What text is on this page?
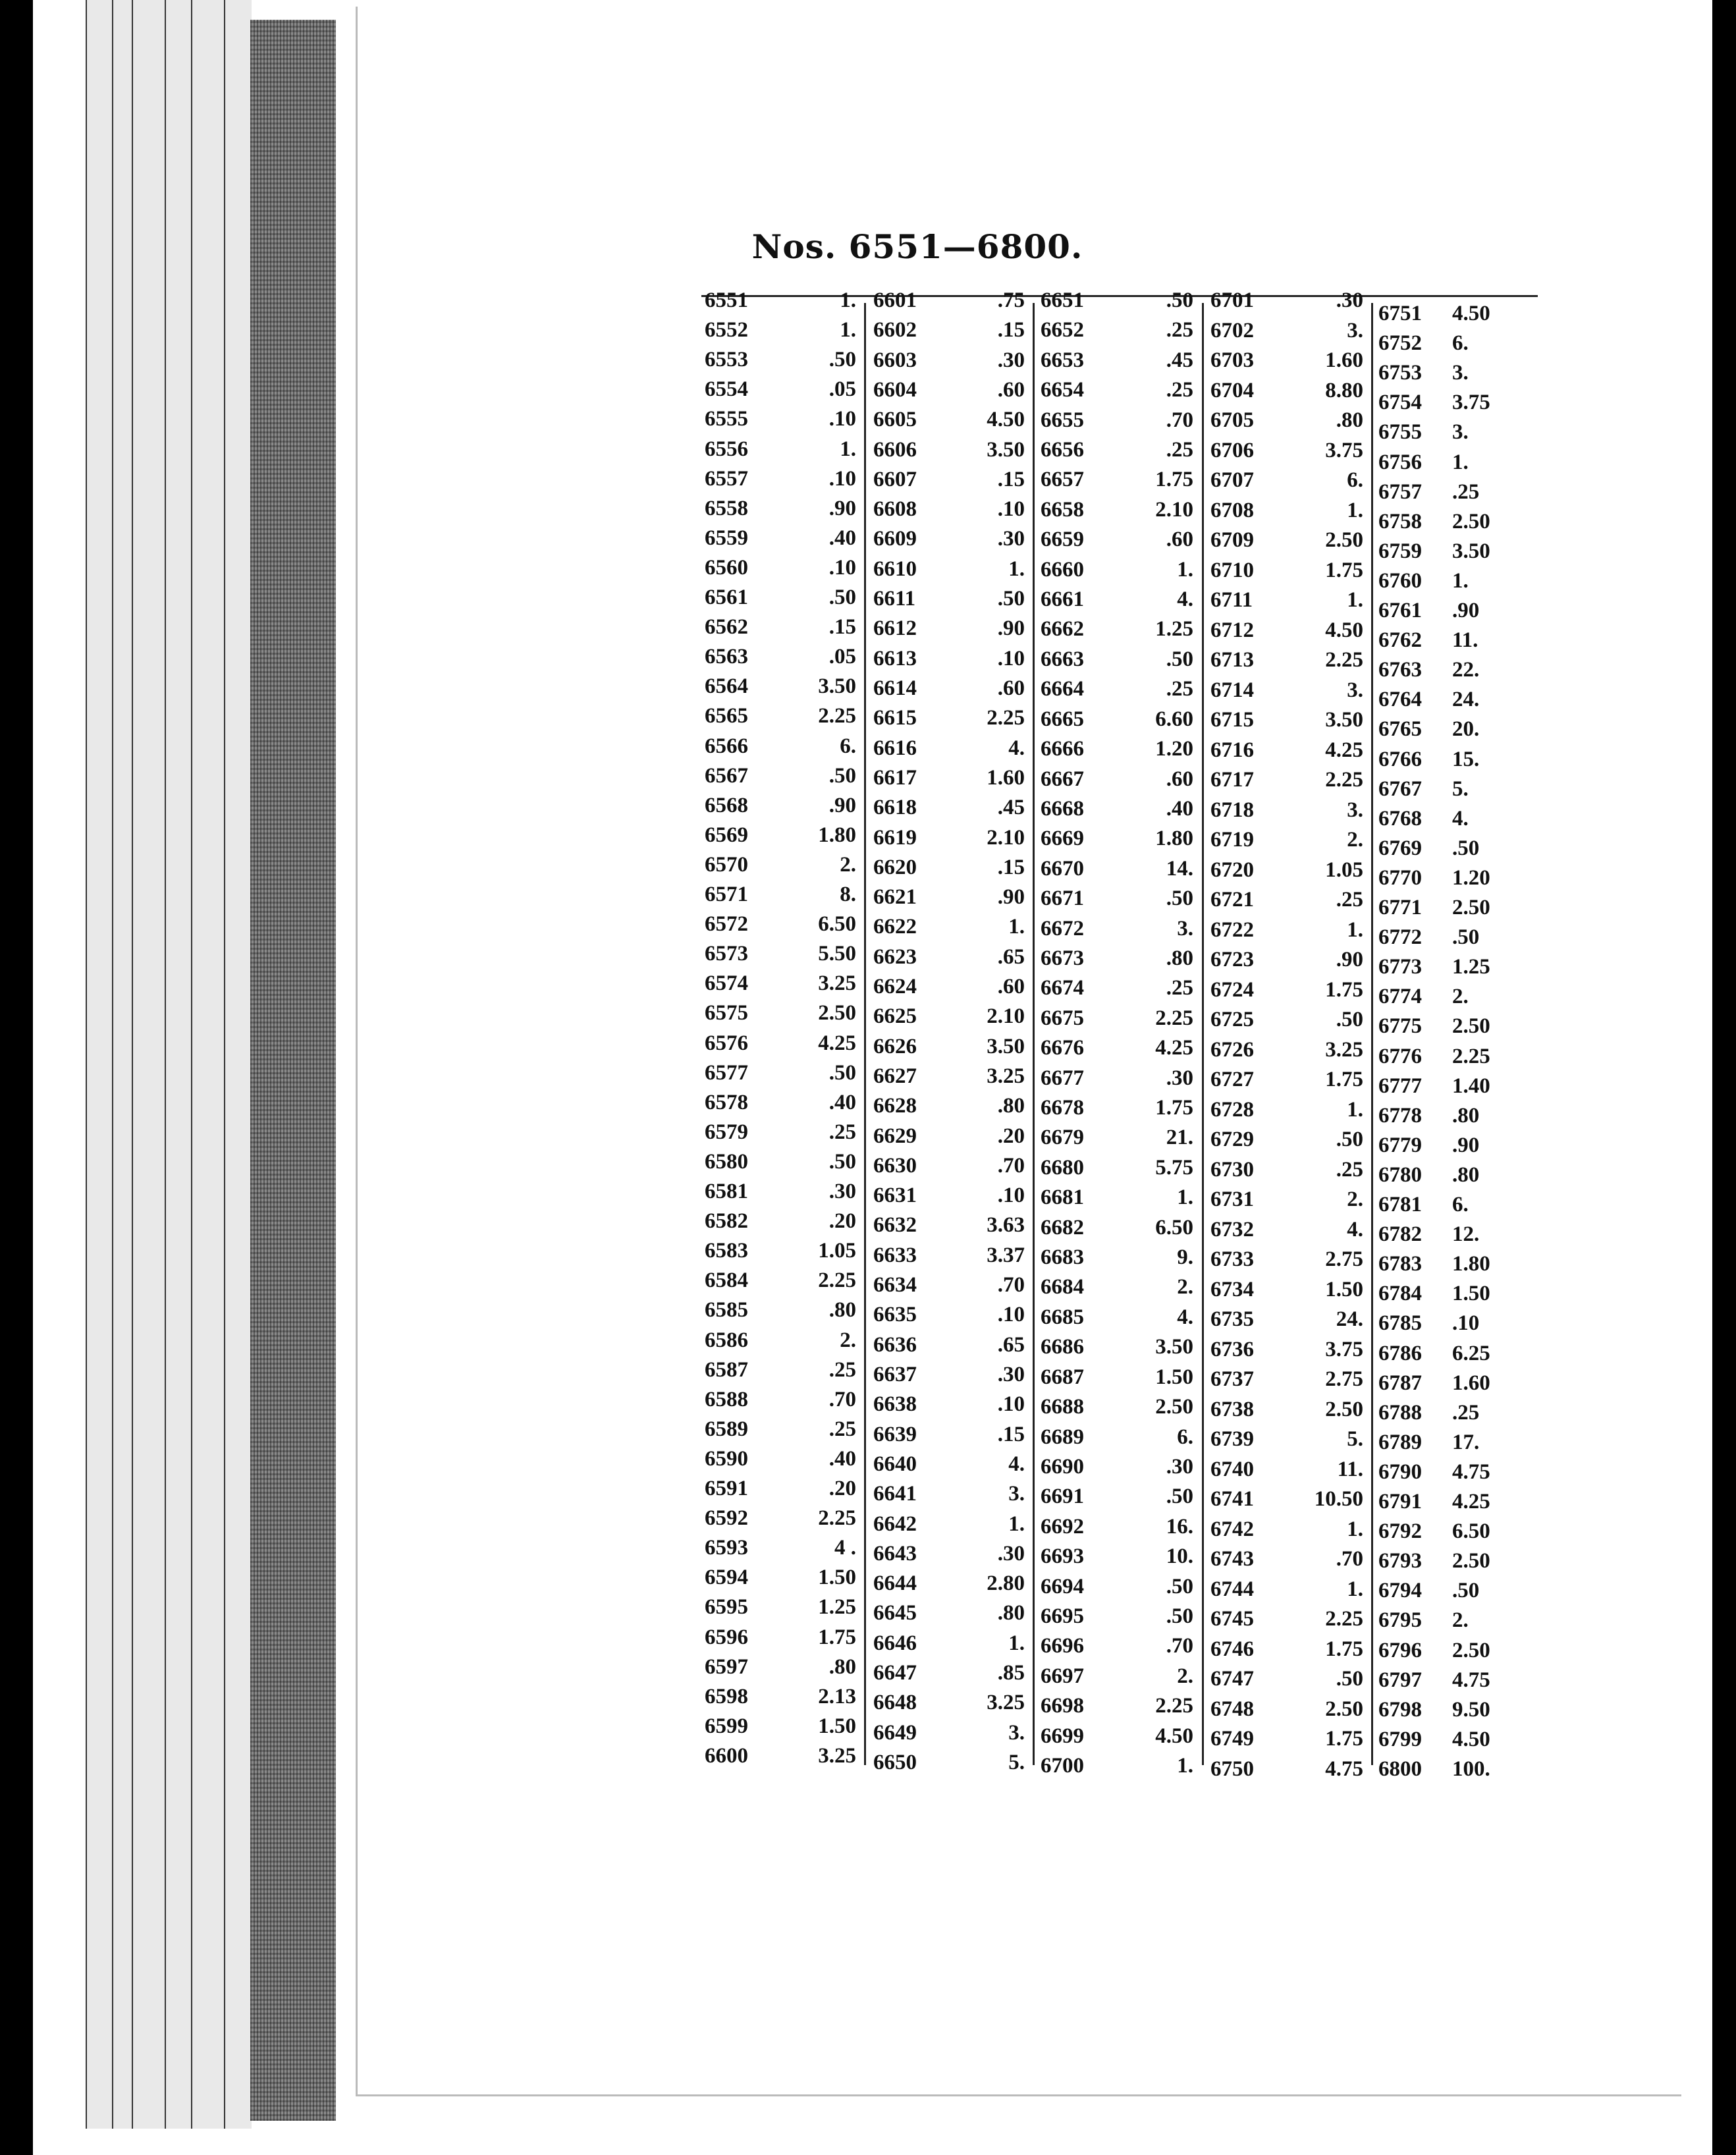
Nos. 6551—6800.
6551	1.
6552	1.
6553	.50
6554	.05
6555	.10
6556	1.
6557	.10
6558	.90
6559	.40
6560	.10
6561	.50
6562	.15
6563	.05
6564	3.50
6565	2.25
6566	6.
6567	.50
6568	.90
6569	1.80
6570	2.
6571	8.
6572	6.50
6573	5.50
6574	3.25
6575	2.50
6576	4.25
6577	.50
6578	.40
6579	.25
6580	.50
6581	.30
6582	.20
6583	1.05
6584	2.25
6585	.80
6586	2.
6587	.25
6588	.70
6589	.25
6590	.40
6591	.20
6592	2.25
6593	4 .
6594	1.50
6595	1.25
6596	1.75
6597	.80
6598	2.13
6599	1.50
6600	3.25
6601	.75
6602	.15
6603	.30
6604	.60
6605	4.50
6606	3.50
6607	.15
6608	.10
6609	.30
6610	1.
6611	.50
6612	.90
6613	.10
6614	.60
6615	2.25
6616	4.
6617	1.60
6618	.45
6619	2.10
6620	.15
6621	.90
6622	1.
6623	.65
6624	.60
6625	2.10
6626	3.50
6627	3.25
6628	.80
6629	.20
6630	.70
6631	.10
6632	3.63
6633	3.37
6634	.70
6635	.10
6636	.65
6637	.30
6638	.10
6639	.15
6640	4.
6641	3.
6642	1.
6643	.30
6644	2.80
6645	.80
6646	1.
6647	.85
6648	3.25
6649	3.
6650	5.
6651	.50
6652	.25
6653	.45
6654	.25
6655	.70
6656	.25
6657	1.75
6658	2.10
6659	.60
6660	1.
6661	4.
6662	1.25
6663	.50
6664	.25
6665	6.60
6666	1.20
6667	.60
6668	.40
6669	1.80
6670	14.
6671	.50
6672	3.
6673	.80
6674	.25
6675	2.25
6676	4.25
6677	.30
6678	1.75
6679	21.
6680	5.75
6681	1.
6682	6.50
6683	9.
6684	2.
6685	4.
6686	3.50
6687	1.50
6688	2.50
6689	6.
6690	.30
6691	.50
6692	16.
6693	10.
6694	.50
6695	.50
6696	.70
6697	2.
6698	2.25
6699	4.50
6700	1.
6701	.30
6702	3.
6703	1.60
6704	8.80
6705	.80
6706	3.75
6707	6.
6708	1.
6709	2.50
6710	1.75
6711	1.
6712	4.50
6713	2.25
6714	3.
6715	3.50
6716	4.25
6717	2.25
6718	3.
6719	2.
6720	1.05
6721	.25
6722	1.
6723	.90
6724	1.75
6725	.50
6726	3.25
6727	1.75
6728	1.
6729	.50
6730	.25
6731	2.
6732	4.
6733	2.75
6734	1.50
6735	24.
6736	3.75
6737	2.75
6738	2.50
6739	5.
6740	11.
6741	10.50
6742	1.
6743	.70
6744	1.
6745	2.25
6746	1.75
6747	.50
6748	2.50
6749	1.75
6750	4.75
6751 4.50
6752 6.
6753 3.
6754 3.75
6755 3.
6756 1.
6757 .25
6758 2.50
6759 3.50
6760 1.
6761 .90
6762 11.
6763 22.
6764 24.
6765 20.
6766 15.
6767 5.
6768 4.
6769 .50
6770 1.20
6771 2.50
6772 .50
6773 1.25
6774 2.
6775 2.50
6776 2.25
6777 1.40
6778 .80
6779 .90
6780 .80
6781 6.
6782 12.
6783 1.80
6784 1.50
6785 .10
6786 6.25
6787 1.60
6788 .25
6789 17.
6790 4.75
6791 4.25
6792 6.50
6793 2.50
6794 .50
6795 2.
6796 2.50
6797 4.75
6798 9.50
6799 4.50
6800 100.
